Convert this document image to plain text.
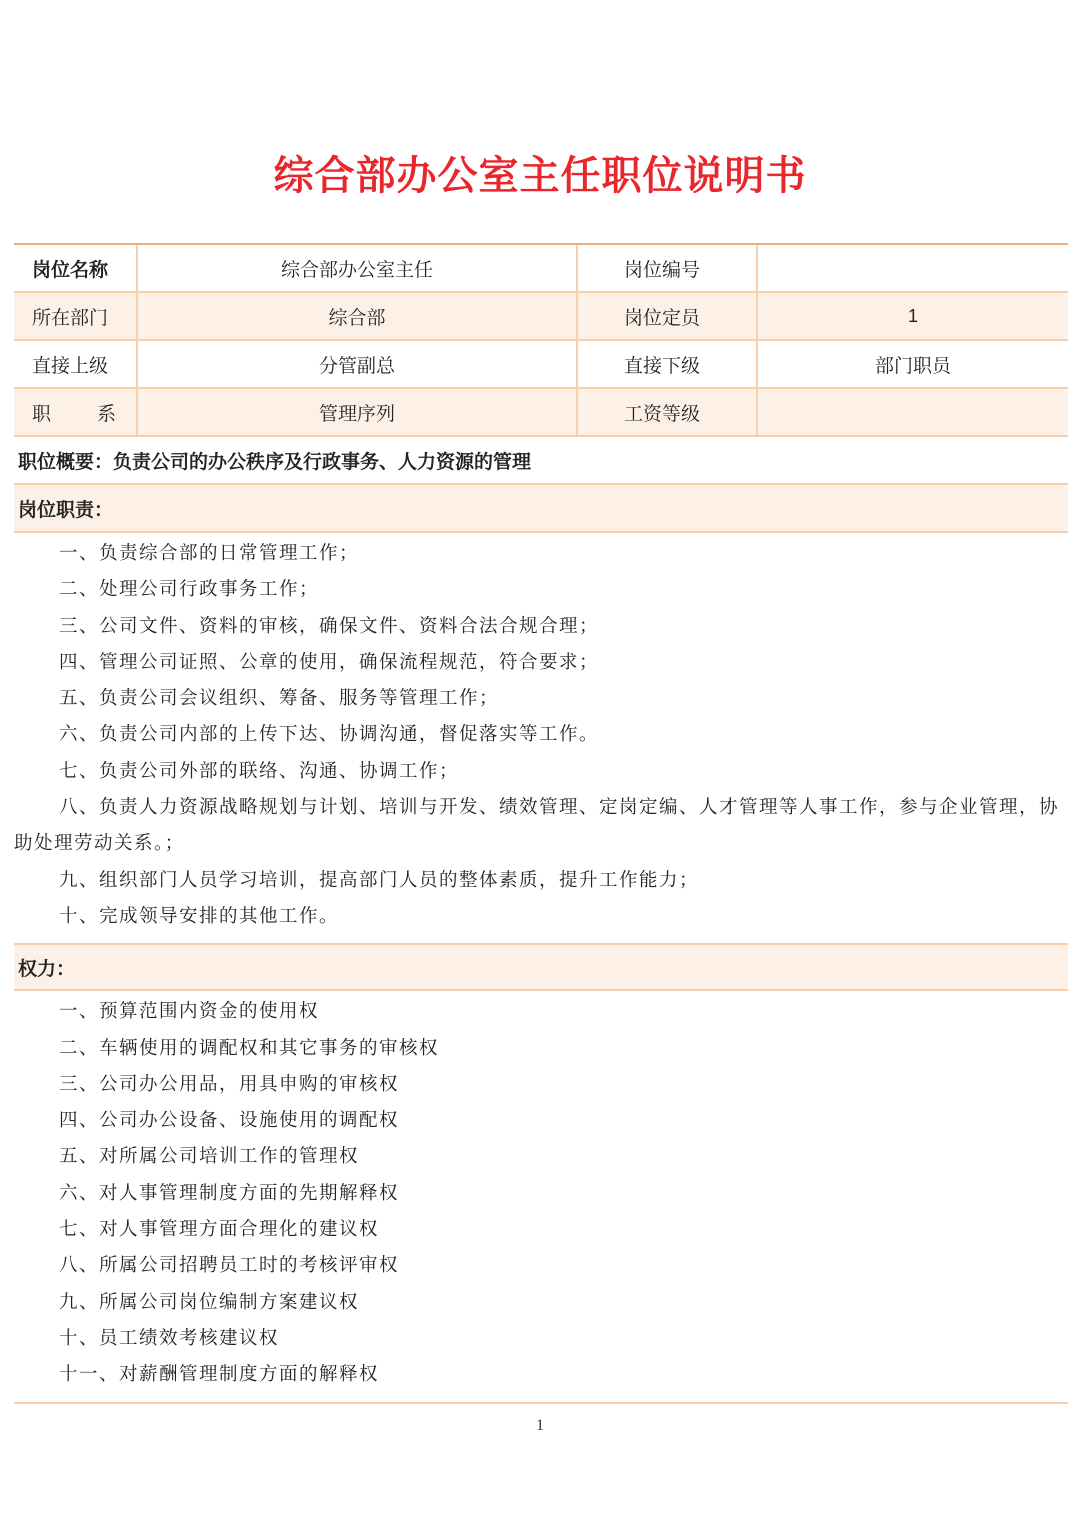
综合部办公室主任职位说明书
岗位名称	综合部办公室主任	岗位编号
所在部门	综合部	岗位定员	1
直接上级	分管副总	直接下级	部门职员
职 系	管理序列	工资等级
职位概要：负责公司的办公秩序及行政事务、人力资源的管理
岗位职责：
一、负责综合部的日常管理工作；
二、处理公司行政事务工作；
三、公司文件、资料的审核，确保文件、资料合法合规合理；
四、管理公司证照、公章的使用，确保流程规范，符合要求；
五、负责公司会议组织、筹备、服务等管理工作；
六、负责公司内部的上传下达、协调沟通，督促落实等工作。
七、负责公司外部的联络、沟通、协调工作；
八、负责人力资源战略规划与计划、培训与开发、绩效管理、定岗定编、人才管理等人事工作，参与企业管理，协助处理劳动关系。；
九、组织部门人员学习培训，提高部门人员的整体素质，提升工作能力；
十、完成领导安排的其他工作。
权力：
一、预算范围内资金的使用权
二、车辆使用的调配权和其它事务的审核权
三、公司办公用品，用具申购的审核权
四、公司办公设备、设施使用的调配权
五、对所属公司培训工作的管理权
六、对人事管理制度方面的先期解释权
七、对人事管理方面合理化的建议权
八、所属公司招聘员工时的考核评审权
九、所属公司岗位编制方案建议权
十、员工绩效考核建议权
十一、对薪酬管理制度方面的解释权
1
